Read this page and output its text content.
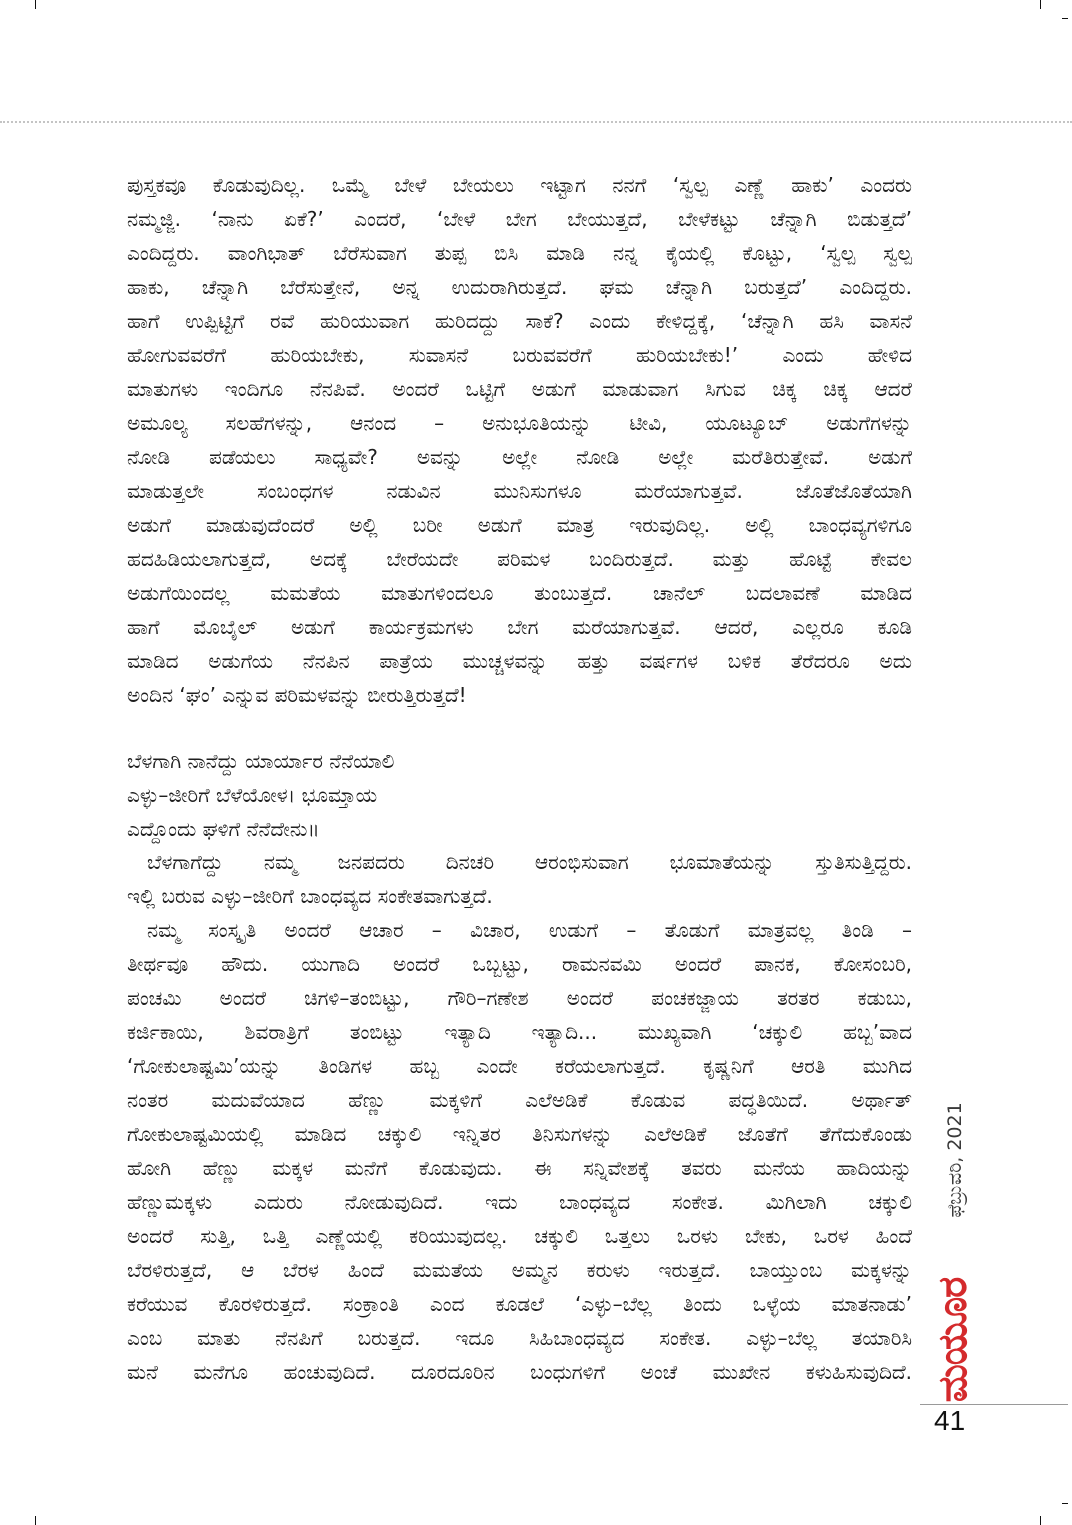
ಪುಸ್ತಕವೂ ಕೊಡುವುದಿಲ್ಲ. ಒಮ್ಮೆ ಬೇಳೆ ಬೇಯಲು ಇಟ್ಟಾಗ ನನಗೆ ‘ಸ್ವಲ್ಪ ಎಣ್ಣೆ ಹಾಕು’ ಎಂದರು
ನಮ್ಮಜ್ಜಿ. ‘ನಾನು ಏಕೆ?’ ಎಂದರೆ, ‘ಬೇಳೆ ಬೇಗ ಬೇಯುತ್ತದೆ, ಬೇಳೆಕಟ್ಟು ಚೆನ್ನಾಗಿ ಬಿಡುತ್ತದೆ’
ಎಂದಿದ್ದರು. ವಾಂಗಿಭಾತ್ ಬೆರೆಸುವಾಗ ತುಪ್ಪ ಬಿಸಿ ಮಾಡಿ ನನ್ನ ಕೈಯಲ್ಲಿ ಕೊಟ್ಟು, ‘ಸ್ವಲ್ಪ ಸ್ವಲ್ಪ
ಹಾಕು, ಚೆನ್ನಾಗಿ ಬೆರೆಸುತ್ತೇನೆ, ಅನ್ನ ಉದುರಾಗಿರುತ್ತದೆ. ಘಮ ಚೆನ್ನಾಗಿ ಬರುತ್ತದೆ’ ಎಂದಿದ್ದರು.
ಹಾಗೆ ಉಪ್ಪಿಟ್ಟಿಗೆ ರವೆ ಹುರಿಯುವಾಗ ಹುರಿದದ್ದು ಸಾಕೆ? ಎಂದು ಕೇಳಿದ್ದಕ್ಕೆ, ‘ಚೆನ್ನಾಗಿ ಹಸಿ ವಾಸನೆ
ಹೋಗುವವರೆಗೆ ಹುರಿಯಬೇಕು, ಸುವಾಸನೆ ಬರುವವರೆಗೆ ಹುರಿಯಬೇಕು!’ ಎಂದು ಹೇಳಿದ
ಮಾತುಗಳು ಇಂದಿಗೂ ನೆನಪಿವೆ. ಅಂದರೆ ಒಟ್ಟಿಗೆ ಅಡುಗೆ ಮಾಡುವಾಗ ಸಿಗುವ ಚಿಕ್ಕ ಚಿಕ್ಕ ಆದರೆ
ಅಮೂಲ್ಯ ಸಲಹೆಗಳನ್ನು, ಆನಂದ – ಅನುಭೂತಿಯನ್ನು ಟೀವಿ, ಯೂಟ್ಯೂಬ್ ಅಡುಗೆಗಳನ್ನು
ನೋಡಿ ಪಡೆಯಲು ಸಾಧ್ಯವೇ? ಅವನ್ನು ಅಲ್ಲೇ ನೋಡಿ ಅಲ್ಲೇ ಮರೆತಿರುತ್ತೇವೆ. ಅಡುಗೆ
ಮಾಡುತ್ತಲೇ ಸಂಬಂಧಗಳ ನಡುವಿನ ಮುನಿಸುಗಳೂ ಮರೆಯಾಗುತ್ತವೆ. ಜೊತೆಜೊತೆಯಾಗಿ
ಅಡುಗೆ ಮಾಡುವುದೆಂದರೆ ಅಲ್ಲಿ ಬರೀ ಅಡುಗೆ ಮಾತ್ರ ಇರುವುದಿಲ್ಲ. ಅಲ್ಲಿ ಬಾಂಧವ್ಯಗಳಿಗೂ
ಹದಹಿಡಿಯಲಾಗುತ್ತದೆ, ಅದಕ್ಕೆ ಬೇರೆಯದೇ ಪರಿಮಳ ಬಂದಿರುತ್ತದೆ. ಮತ್ತು ಹೊಟ್ಟೆ ಕೇವಲ
ಅಡುಗೆಯಿಂದಲ್ಲ ಮಮತೆಯ ಮಾತುಗಳಿಂದಲೂ ತುಂಬುತ್ತದೆ. ಚಾನೆಲ್ ಬದಲಾವಣೆ ಮಾಡಿದ
ಹಾಗೆ ಮೊಬೈಲ್ ಅಡುಗೆ ಕಾರ್ಯಕ್ರಮಗಳು ಬೇಗ ಮರೆಯಾಗುತ್ತವೆ. ಆದರೆ, ಎಲ್ಲರೂ ಕೂಡಿ
ಮಾಡಿದ ಅಡುಗೆಯ ನೆನಪಿನ ಪಾತ್ರೆಯ ಮುಚ್ಚಳವನ್ನು ಹತ್ತು ವರ್ಷಗಳ ಬಳಿಕ ತೆರೆದರೂ ಅದು
ಅಂದಿನ ‘ಘಂ’ ಎನ್ನುವ ಪರಿಮಳವನ್ನು ಬೀರುತ್ತಿರುತ್ತದೆ!
ಬೆಳಗಾಗಿ ನಾನೆದ್ದು ಯಾರ್ಯಾರ ನೆನೆಯಾಲಿ
ಎಳ್ಳು–ಜೀರಿಗೆ ಬೆಳೆಯೋಳ। ಭೂಮ್ತಾಯ
ಎದ್ದೊಂದು ಘಳಿಗೆ ನೆನೆದೇನು॥
ಬೆಳಗಾಗೆದ್ದು ನಮ್ಮ ಜನಪದರು ದಿನಚರಿ ಆರಂಭಿಸುವಾಗ ಭೂಮಾತೆಯನ್ನು ಸ್ತುತಿಸುತ್ತಿದ್ದರು.
ಇಲ್ಲಿ ಬರುವ ಎಳ್ಳು–ಜೀರಿಗೆ ಬಾಂಧವ್ಯದ ಸಂಕೇತವಾಗುತ್ತದೆ.
ನಮ್ಮ ಸಂಸ್ಕೃತಿ ಅಂದರೆ ಆಚಾರ – ವಿಚಾರ, ಉಡುಗೆ – ತೊಡುಗೆ ಮಾತ್ರವಲ್ಲ ತಿಂಡಿ –
ತೀರ್ಥವೂ ಹೌದು. ಯುಗಾದಿ ಅಂದರೆ ಒಬ್ಬಟ್ಟು, ರಾಮನವಮಿ ಅಂದರೆ ಪಾನಕ, ಕೋಸಂಬರಿ,
ಪಂಚಮಿ ಅಂದರೆ ಚಿಗಳಿ–ತಂಬಿಟ್ಟು, ಗೌರಿ–ಗಣೇಶ ಅಂದರೆ ಪಂಚಕಜ್ಜಾಯ ತರತರ ಕಡುಬು,
ಕರ್ಜಿಕಾಯಿ, ಶಿವರಾತ್ರಿಗೆ ತಂಬಿಟ್ಟು ಇತ್ಯಾದಿ ಇತ್ಯಾದಿ... ಮುಖ್ಯವಾಗಿ ‘ಚಕ್ಕುಲಿ ಹಬ್ಬ’ವಾದ
‘ಗೋಕುಲಾಷ್ಟಮಿ’ಯನ್ನು ತಿಂಡಿಗಳ ಹಬ್ಬ ಎಂದೇ ಕರೆಯಲಾಗುತ್ತದೆ. ಕೃಷ್ಣನಿಗೆ ಆರತಿ ಮುಗಿದ
ನಂತರ ಮದುವೆಯಾದ ಹೆಣ್ಣು ಮಕ್ಕಳಿಗೆ ಎಲೆಅಡಿಕೆ ಕೊಡುವ ಪದ್ಧತಿಯಿದೆ. ಅರ್ಥಾತ್
ಗೋಕುಲಾಷ್ಟಮಿಯಲ್ಲಿ ಮಾಡಿದ ಚಕ್ಕುಲಿ ಇನ್ನಿತರ ತಿನಿಸುಗಳನ್ನು ಎಲೆಅಡಿಕೆ ಜೊತೆಗೆ ತೆಗೆದುಕೊಂಡು
ಹೋಗಿ ಹೆಣ್ಣು ಮಕ್ಕಳ ಮನೆಗೆ ಕೊಡುವುದು. ಈ ಸನ್ನಿವೇಶಕ್ಕೆ ತವರು ಮನೆಯ ಹಾದಿಯನ್ನು
ಹೆಣ್ಣುಮಕ್ಕಳು ಎದುರು ನೋಡುವುದಿದೆ. ಇದು ಬಾಂಧವ್ಯದ ಸಂಕೇತ. ಮಿಗಿಲಾಗಿ ಚಕ್ಕುಲಿ
ಅಂದರೆ ಸುತ್ತಿ, ಒತ್ತಿ ಎಣ್ಣೆಯಲ್ಲಿ ಕರಿಯುವುದಲ್ಲ. ಚಕ್ಕುಲಿ ಒತ್ತಲು ಒರಳು ಬೇಕು, ಒರಳ ಹಿಂದೆ
ಬೆರಳಿರುತ್ತದೆ, ಆ ಬೆರಳ ಹಿಂದೆ ಮಮತೆಯ ಅಮ್ಮನ ಕರುಳು ಇರುತ್ತದೆ. ಬಾಯ್ತುಂಬ ಮಕ್ಕಳನ್ನು
ಕರೆಯುವ ಕೊರಳಿರುತ್ತದೆ. ಸಂಕ್ರಾಂತಿ ಎಂದ ಕೂಡಲೆ ‘ಎಳ್ಳು–ಬೆಲ್ಲ ತಿಂದು ಒಳ್ಳೆಯ ಮಾತನಾಡು’
ಎಂಬ ಮಾತು ನೆನಪಿಗೆ ಬರುತ್ತದೆ. ಇದೂ ಸಿಹಿಬಾಂಧವ್ಯದ ಸಂಕೇತ. ಎಳ್ಳು–ಬೆಲ್ಲ ತಯಾರಿಸಿ
ಮನೆ ಮನೆಗೂ ಹಂಚುವುದಿದೆ. ದೂರದೂರಿನ ಬಂಧುಗಳಿಗೆ ಅಂಚೆ ಮುಖೇನ ಕಳುಹಿಸುವುದಿದೆ.
ಫೆಬ್ರುವರಿ, 2021
ಮಯೂರ
41
